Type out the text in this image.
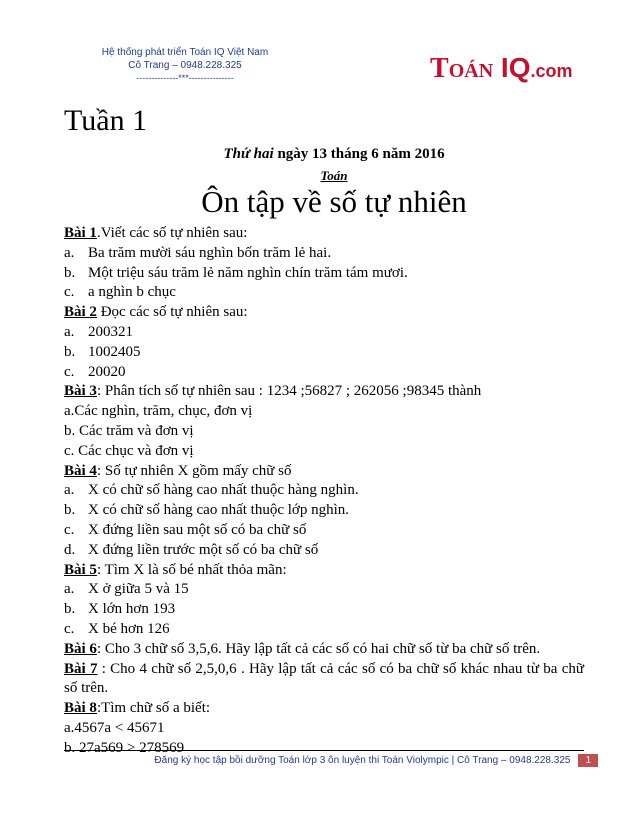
Hệ thống phát triển Toán IQ Việt Nam
Cô Trang – 0948.228.325
--------------***---------------	TOÁN IQ.com
Tuần 1
Thứ hai ngày 13 tháng 6 năm 2016
Toán
Ôn tập về số tự nhiên
Bài 1.Viết các số tự nhiên sau:
a. Ba trăm mười sáu nghìn bốn trăm lẻ hai.
b. Một triệu sáu trăm lẻ năm nghìn chín trăm tám mươi.
c. a nghìn b chục
Bài 2 Đọc các số tự nhiên sau:
a. 200321
b. 1002405
c. 20020
Bài 3: Phân tích số tự nhiên sau : 1234 ;56827 ; 262056 ;98345 thành
a.Các nghìn, trăm, chục, đơn vị
b. Các trăm và đơn vị
c. Các chục và đơn vị
Bài 4: Số tự nhiên X gồm mấy chữ số
a. X có chữ số hàng cao nhất thuộc hàng nghìn.
b. X có chữ số hàng cao nhất thuộc lớp nghìn.
c. X đứng liền sau một số có ba chữ số
d. X đứng liền trước một số có ba chữ số
Bài 5: Tìm X là số bé nhất thỏa mãn:
a. X ở giữa 5 và 15
b. X lớn hơn 193
c. X bé hơn 126
Bài 6: Cho 3 chữ số 3,5,6. Hãy lập tất cả các số có hai chữ số từ ba chữ số trên.
Bài 7 : Cho 4 chữ số 2,5,0,6 . Hãy lập tất cả các số có ba chữ số khác nhau từ ba chữ số trên.
Bài 8:Tìm chữ số a biết:
a.4567a < 45671
b. 27a569 > 278569
Đăng ký học tập bồi dưỡng Toán lớp 3 ôn luyện thi Toán Violympic | Cô Trang – 0948.228.325	1
